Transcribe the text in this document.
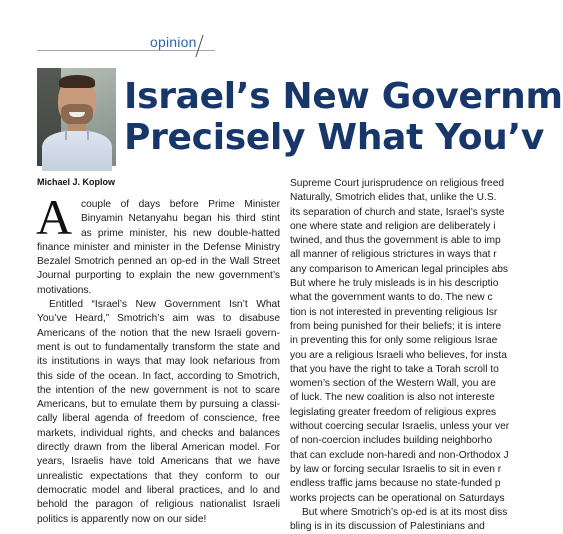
opinion
Israel’s New Governm
Precisely What You’v
Michael J. Koplow
A couple of days before Prime Minister
Binyamin Netanyahu began his third stint
as prime minister, his new double-hatted
finance minister and minister in the Defense Ministry
Bezalel Smotrich penned an op-ed in the Wall Street
Journal purporting to explain the new government’s
motivations.
Entitled “Israel’s New Government Isn’t What
You’ve Heard,” Smotrich’s aim was to disabuse
Americans of the notion that the new Israeli govern-
ment is out to fundamentally transform the state and
its institutions in ways that may look nefarious from
this side of the ocean. In fact, according to Smotrich,
the intention of the new government is not to scare
Americans, but to emulate them by pursuing a classi-
cally liberal agenda of freedom of conscience, free
markets, individual rights, and checks and balances
directly drawn from the liberal American model. For
years, Israelis have told Americans that we have
unrealistic expectations that they conform to our
democratic model and liberal practices, and lo and
behold the paragon of religious nationalist Israeli
politics is apparently now on our side!
Supreme Court jurisprudence on religious freed
Naturally, Smotrich elides that, unlike the U.S.
its separation of church and state, Israel’s syste
one where state and religion are deliberately i
twined, and thus the government is able to imp
all manner of religious strictures in ways that r
any comparison to American legal principles abs
But where he truly misleads is in his descriptio
what the government wants to do. The new c
tion is not interested in preventing religious Isr
from being punished for their beliefs; it is intere
in preventing this for only some religious Israe
you are a religious Israeli who believes, for insta
that you have the right to take a Torah scroll to
women’s section of the Western Wall, you are
of luck. The new coalition is also not intereste
legislating greater freedom of religious expres
without coercing secular Israelis, unless your ver
of non-coercion includes building neighborho
that can exclude non-haredi and non-Orthodox J
by law or forcing secular Israelis to sit in even r
endless traffic jams because no state-funded p
works projects can be operational on Saturdays
But where Smotrich’s op-ed is at its most diss
bling is in its discussion of Palestinians and
